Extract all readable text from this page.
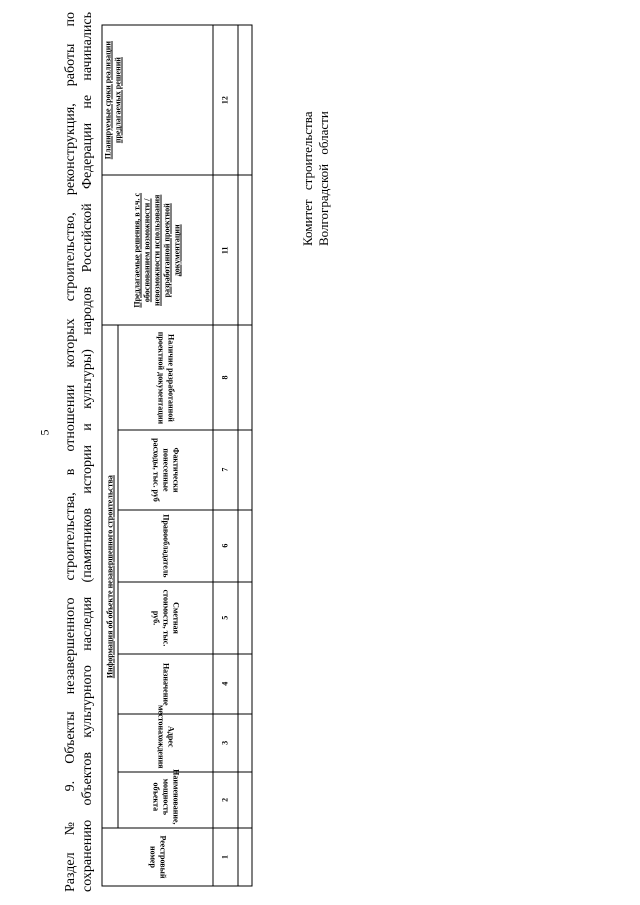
5 Раздел № 9. Объекты незавершенного строительства, в отношении которых строительство, реконструкция, работы по сохранению объектов культурного наследия (памятников истории и культуры) народов Российской Федерации не начинались	Реестровый номер	Информация об объекте незавершенного строительства							Предлагаемые решения, в т.ч. с обоснованием возможности /невозможности использования разработанной проектной документации	Планируемые сроки реализации предлагаемых решений
	Наименование, мощность объекта	Адрес местонахождения	Назначение	Сметная стоимость, тыс. руб.	Правообладатель	Фактически понесенные расходы, тыс. руб	Наличие разработанной проектной документации		
1	2	3	4	5	6	7	8	11	12

Комитет строительства Волгоградской области
